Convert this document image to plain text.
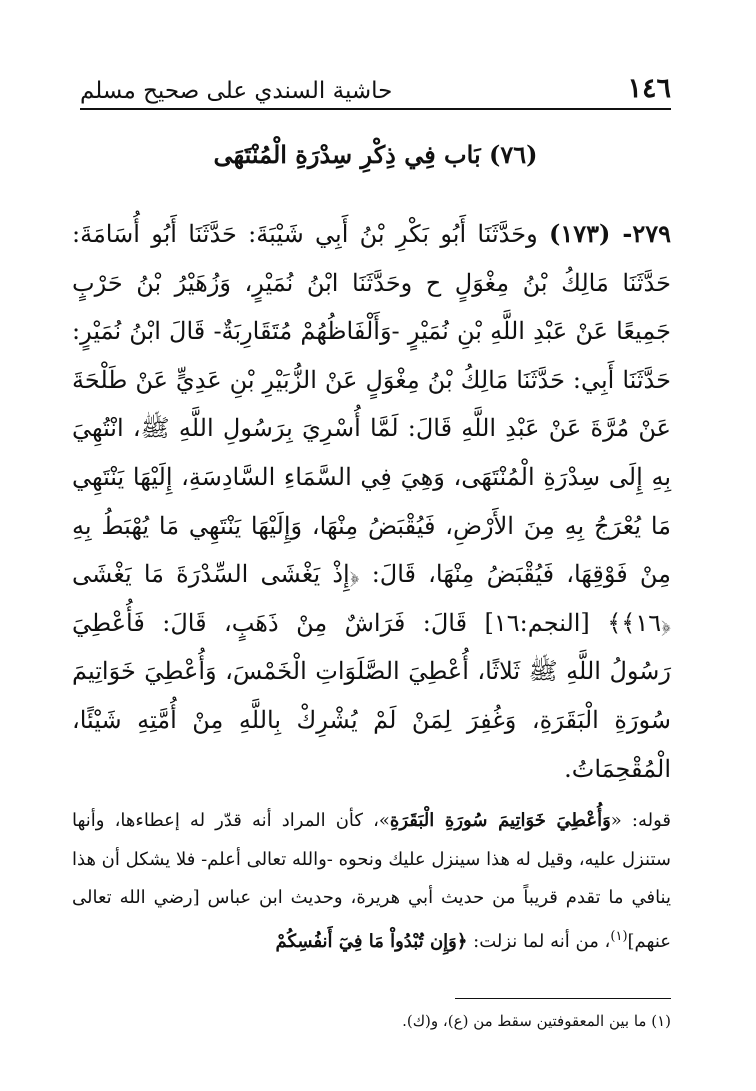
١٤٦
حاشية السندي على صحيح مسلم
(٧٦) بَاب فِي ذِكْرِ سِدْرَةِ الْمُنْتَهَى

٢٧٩- (١٧٣) وحَدَّثَنَا أَبُو بَكْرِ بْنُ أَبِي شَيْبَةَ: حَدَّثَنَا أَبُو أُسَامَةَ: حَدَّثَنَا مَالِكُ بْنُ مِغْوَلٍ ح وحَدَّثَنَا ابْنُ نُمَيْرٍ، وَزُهَيْرُ بْنُ حَرْبٍ جَمِيعًا عَنْ عَبْدِ اللَّهِ بْنِ نُمَيْرٍ -وَأَلْفَاظُهُمْ مُتَقَارِبَةٌ- قَالَ ابْنُ نُمَيْرٍ: حَدَّثَنَا أَبِي: حَدَّثَنَا مَالِكُ بْنُ مِغْوَلٍ عَنْ الزُّبَيْرِ بْنِ عَدِيٍّ عَنْ طَلْحَةَ عَنْ مُرَّةَ عَنْ عَبْدِ اللَّهِ قَالَ: لَمَّا أُسْرِيَ بِرَسُولِ اللَّهِ ﷺ، انْتُهِيَ بِهِ إِلَى سِدْرَةِ الْمُنْتَهَى، وَهِيَ فِي السَّمَاءِ السَّادِسَةِ، إِلَيْهَا يَنْتَهِي مَا يُعْرَجُ بِهِ مِنَ الأَرْضِ، فَيُقْبَضُ مِنْهَا، وَإِلَيْهَا يَنْتَهِي مَا يُهْبَطُ بِهِ مِنْ فَوْقِهَا، فَيُقْبَضُ مِنْهَا، قَالَ: ﴿إِذْ يَغْشَى السِّدْرَةَ مَا يَغْشَى ﴿١٦﴾﴾ [النجم:١٦] قَالَ: فَرَاشٌ مِنْ ذَهَبٍ، قَالَ: فَأُعْطِيَ رَسُولُ اللَّهِ ﷺ ثَلاثًا، أُعْطِيَ الصَّلَوَاتِ الْخَمْسَ، وَأُعْطِيَ خَوَاتِيمَ سُورَةِ الْبَقَرَةِ، وَغُفِرَ لِمَنْ لَمْ يُشْرِكْ بِاللَّهِ مِنْ أُمَّتِهِ شَيْئًا، الْمُقْحِمَاتُ.

قوله: «وَأُعْطِيَ خَوَاتِيمَ سُورَةِ الْبَقَرَةِ»، كأن المراد أنه قدّر له إعطاءها، وأنها ستنزل عليه، وقيل له هذا سينزل عليك ونحوه -والله تعالى أعلم- فلا يشكل أن هذا ينافي ما تقدم قريباً من حديث أبي هريرة، وحديث ابن عباس [رضي الله تعالى عنهم]$^{(١)}$، من أنه لما نزلت: ﴿وَإِن تُبْدُواْ مَا فِيٓ أَنفُسِكُمْ

(١) ما بين المعقوفتين سقط من (ع)، و(ك).
